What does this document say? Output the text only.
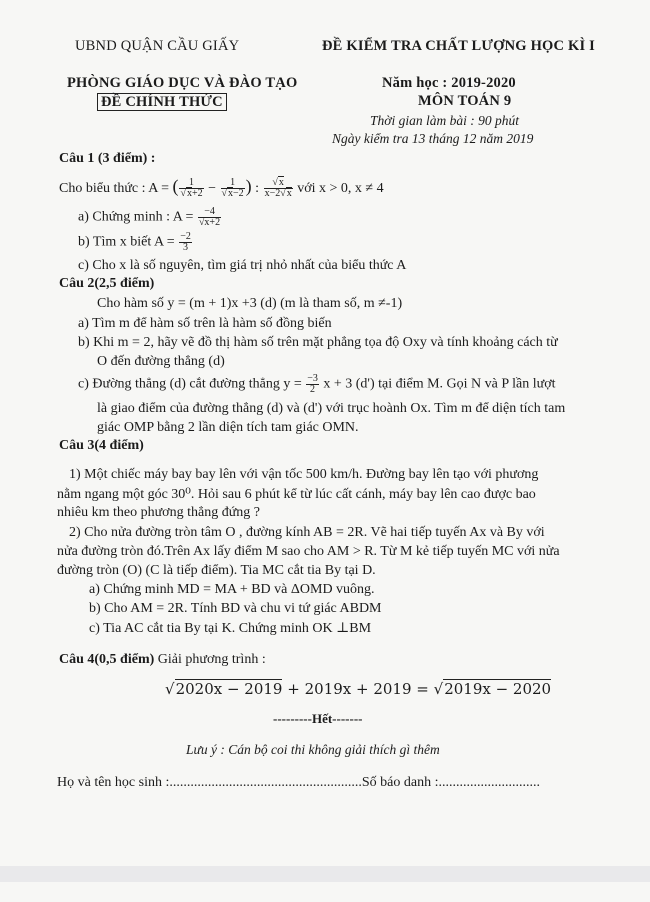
UBND QUẬN CẦU GIẤY	ĐỀ KIỂM TRA CHẤT LƯỢNG HỌC KÌ I
PHÒNG GIÁO DỤC VÀ ĐÀO TẠO	Năm học : 2019-2020
ĐỀ CHÍNH THỨC	MÔN TOÁN 9
Thời gian làm bài : 90 phút
Ngày kiểm tra 13 tháng 12 năm 2019
Câu 1 (3 điểm) :
Cho biểu thức : A = ( $\frac{1}{√x+2} - \frac{1}{√x-2}$ ) : $\frac{√x}{x-2√x}$ với x > 0, x ≠ 4
a) Chứng minh : $A = \frac{-4}{√x+2}$
b) Tìm x biết $A = \frac{-2}{3}$
c) Cho x là số nguyên, tìm giá trị nhỏ nhất của biểu thức A
Câu 2(2,5 điểm)
Cho hàm số y = (m + 1)x +3 (d) (m là tham số, m ≠-1)
a) Tìm m để hàm số trên là hàm số đồng biến
b) Khi m = 2, hãy vẽ đồ thị hàm số trên mặt phẳng tọa độ Oxy và tính khoảng cách từ
O đến đường thẳng (d)
c) Đường thẳng (d) cắt đường thẳng $y = \frac{-3}{2}$ x + 3 (d') tại điểm M. Gọi N và P lần lượt
là giao điểm của đường thẳng (d) và (d') với trục hoành Ox. Tìm m để diện tích tam
giác OMP bằng 2 lần diện tích tam giác OMN.
Câu 3(4 điểm)
1) Một chiếc máy bay bay lên với vận tốc 500 km/h. Đường bay lên tạo với phương
nằm ngang một góc 30⁰. Hỏi sau 6 phút kể từ lúc cất cánh, máy bay lên cao được bao
nhiêu km theo phương thẳng đứng ?
2) Cho nửa đường tròn tâm O , đường kính AB = 2R. Vẽ hai tiếp tuyến Ax và By với
nửa đường tròn đó.Trên Ax lấy điểm M sao cho AM > R. Từ M kẻ tiếp tuyến MC với nửa
đường tròn (O) (C là tiếp điểm). Tia MC cắt tia By tại D.
a) Chứng minh MD = MA + BD và ΔOMD vuông.
b) Cho AM = 2R. Tính BD và chu vi tứ giác ABDM
c) Tia AC cắt tia By tại K. Chứng minh OK ⊥BM
Câu 4(0,5 điểm) Giải phương trình :
√2020x − 2019 + 2019x + 2019 = √2019x − 2020
---------Hết-------
Lưu ý : Cán bộ coi thi không giải thích gì thêm
Họ và tên học sinh :.......................................................Số báo danh :.............................
